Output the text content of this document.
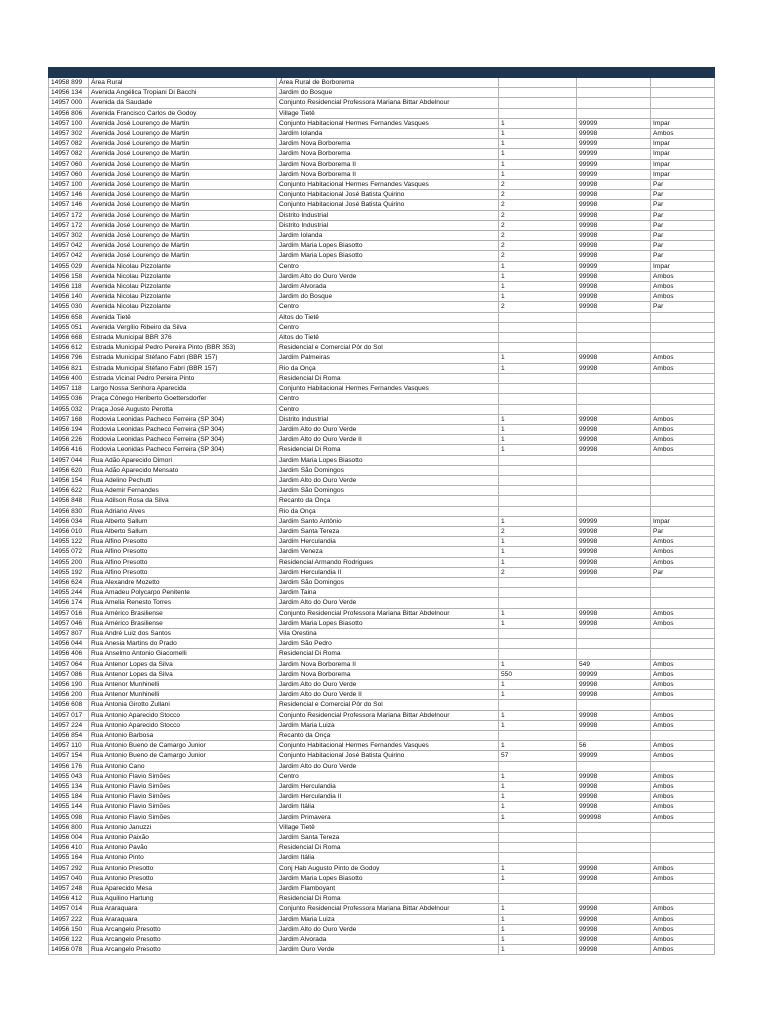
14958 899	Área Rural	Área Rural de Borborema			
14956 134	Avenida Angélica Tropiani Di Bacchi	Jardim do Bosque			
14957 000	Avenida da Saudade	Conjunto Residencial Professora Mariana Bittar Abdelnour			
14956 806	Avenida Francisco Carlos de Godoy	Village Tietê			
14957 100	Avenida José Lourenço de Martin	Conjunto Habitacional Hermes Fernandes Vasques	1	99999	Impar
14957 302	Avenida José Lourenço de Martin	Jardim Iolanda	1	99998	Ambos
14957 082	Avenida José Lourenço de Martin	Jardim Nova Borborema	1	99999	Impar
14957 082	Avenida José Lourenço de Martin	Jardim Nova Borborema	1	99999	Impar
14957 060	Avenida José Lourenço de Martin	Jardim Nova Borborema II	1	99999	Impar
14957 060	Avenida José Lourenço de Martin	Jardim Nova Borborema II	1	99999	Impar
14957 100	Avenida José Lourenço de Martin	Conjunto Habitacional Hermes Fernandes Vasques	2	99998	Par
14957 146	Avenida José Lourenço de Martin	Conjunto Habitacional José Batista Quirino	2	99998	Par
14957 146	Avenida José Lourenço de Martin	Conjunto Habitacional José Batista Quirino	2	99998	Par
14957 172	Avenida José Lourenço de Martin	Distrito Industrial	2	99998	Par
14957 172	Avenida José Lourenço de Martin	Distrito Industrial	2	99998	Par
14957 302	Avenida José Lourenço de Martin	Jardim Iolanda	2	99998	Par
14957 042	Avenida José Lourenço de Martin	Jardim Maria Lopes Biasotto	2	99998	Par
14957 042	Avenida José Lourenço de Martin	Jardim Maria Lopes Biasotto	2	99998	Par
14955 029	Avenida Nicolau Pizzolante	Centro	1	99999	Impar
14956 158	Avenida Nicolau Pizzolante	Jardim Alto do Ouro Verde	1	99998	Ambos
14956 118	Avenida Nicolau Pizzolante	Jardim Alvorada	1	99998	Ambos
14956 140	Avenida Nicolau Pizzolante	Jardim do Bosque	1	99998	Ambos
14955 030	Avenida Nicolau Pizzolante	Centro	2	99998	Par
14956 658	Avenida Tietê	Altos do Tietê			
14955 051	Avenida Vergílio Ribeiro da Silva	Centro			
14956 668	Estrada Municipal BBR 376	Altos do Tietê			
14956 612	Estrada Municipal Pedro Pereira Pinto (BBR 353)	Residencial e Comercial Pôr do Sol			
14956 796	Estrada Municipal Stéfano Fabri (BBR 157)	Jardim Palmeiras	1	99998	Ambos
14956 821	Estrada Municipal Stéfano Fabri (BBR 157)	Rio da Onça	1	99998	Ambos
14956 400	Estrada Vicinal Pedro Pereira Pinto	Residencial Di Roma			
14957 118	Largo Nossa Senhora Aparecida	Conjunto Habitacional Hermes Fernandes Vasques			
14955 036	Praça Cônego Heriberto Goettersdorfer	Centro			
14955 032	Praça José Augusto Perotta	Centro			
14957 168	Rodovia Leonidas Pacheco Ferreira (SP 304)	Distrito Industrial	1	99998	Ambos
14956 194	Rodovia Leonidas Pacheco Ferreira (SP 304)	Jardim Alto do Ouro Verde	1	99998	Ambos
14956 226	Rodovia Leonidas Pacheco Ferreira (SP 304)	Jardim Alto do Ouro Verde II	1	99998	Ambos
14956 416	Rodovia Leonidas Pacheco Ferreira (SP 304)	Residencial Di Roma	1	99998	Ambos
14957 044	Rua Adão Aparecido Dimori	Jardim Maria Lopes Biasotto			
14956 620	Rua Adão Aparecido Mensato	Jardim São Domingos			
14956 154	Rua Adelino Pechutti	Jardim Alto do Ouro Verde			
14956 622	Rua Ademir Fernandes	Jardim São Domingos			
14956 848	Rua Adilson Rosa da Silva	Recanto da Onça			
14956 830	Rua Adriano Alves	Rio da Onça			
14956 034	Rua Alberto Sallum	Jardim Santo Antônio	1	99999	Impar
14956 010	Rua Alberto Sallum	Jardim Santa Tereza	2	99998	Par
14955 122	Rua Alfino Presotto	Jardim Herculandia	1	99998	Ambos
14955 072	Rua Alfino Presotto	Jardim Veneza	1	99998	Ambos
14955 200	Rua Alfino Presotto	Residencial Armando Rodrigues	1	99998	Ambos
14955 192	Rua Alfino Presotto	Jardim Herculandia II	2	99998	Par
14956 624	Rua Alexandre Mozetto	Jardim São Domingos			
14955 244	Rua Amadeu Polycarpo Penitente	Jardim Taina			
14956 174	Rua Amelia Renesto Torres	Jardim Alto do Ouro Verde			
14957 016	Rua Américo Brasiliense	Conjunto Residencial Professora Mariana Bittar Abdelnour	1	99998	Ambos
14957 046	Rua Américo Brasiliense	Jardim Maria Lopes Biasotto	1	99998	Ambos
14957 807	Rua André Luiz dos Santos	Vila Orestina			
14956 044	Rua Anesia Martins do Prado	Jardim São Pedro			
14956 406	Rua Anselmo Antonio Giacomelli	Residencial Di Roma			
14957 064	Rua Antenor Lopes da Silva	Jardim Nova Borborema II	1	549	Ambos
14957 086	Rua Antenor Lopes da Silva	Jardim Nova Borborema	550	99999	Ambos
14956 190	Rua Antenor Munhinelli	Jardim Alto do Ouro Verde	1	99998	Ambos
14956 200	Rua Antenor Munhinelli	Jardim Alto do Ouro Verde II	1	99998	Ambos
14956 608	Rua Antonia Girotto Zullani	Residencial e Comercial Pôr do Sol			
14957 017	Rua Antonio Aparecido Stocco	Conjunto Residencial Professora Mariana Bittar Abdelnour	1	99998	Ambos
14957 224	Rua Antonio Aparecido Stocco	Jardim Maria Luiza	1	99998	Ambos
14956 854	Rua Antonio Barbosa	Recanto da Onça			
14957 110	Rua Antonio Bueno de Camargo Junior	Conjunto Habitacional Hermes Fernandes Vasques	1	56	Ambos
14957 154	Rua Antonio Bueno de Camargo Junior	Conjunto Habitacional José Batista Quirino	57	99999	Ambos
14956 176	Rua Antonio Cano	Jardim Alto do Ouro Verde			
14955 043	Rua Antonio Flavio Simões	Centro	1	99998	Ambos
14955 134	Rua Antonio Flavio Simões	Jardim Herculandia	1	99998	Ambos
14955 184	Rua Antonio Flavio Simões	Jardim Herculandia II	1	99998	Ambos
14955 144	Rua Antonio Flavio Simões	Jardim Itália	1	99998	Ambos
14955 098	Rua Antonio Flavio Simões	Jardim Primavera	1	999998	Ambos
14956 800	Rua Antonio Januzzi	Village Tietê			
14956 004	Rua Antonio Paixão	Jardim Santa Tereza			
14956 410	Rua Antonio Pavão	Residencial Di Roma			
14955 164	Rua Antonio Pinto	Jardim Itália			
14957 292	Rua Antonio Presotto	Conj Hab Augusto Pinto de Godoy	1	99998	Ambos
14957 040	Rua Antonio Presotto	Jardim Maria Lopes Biasotto	1	99998	Ambos
14957 248	Rua Aparecido Mesa	Jardim Flamboyant			
14956 412	Rua Aquilino Hartung	Residencial Di Roma			
14957 014	Rua Araraquara	Conjunto Residencial Professora Mariana Bittar Abdelnour	1	99998	Ambos
14957 222	Rua Araraquara	Jardim Maria Luiza	1	99998	Ambos
14956 150	Rua Arcangelo Presotto	Jardim Alto do Ouro Verde	1	99998	Ambos
14956 122	Rua Arcangelo Presotto	Jardim Alvorada	1	99998	Ambos
14956 078	Rua Arcangelo Presotto	Jardim Ouro Verde	1	99998	Ambos
